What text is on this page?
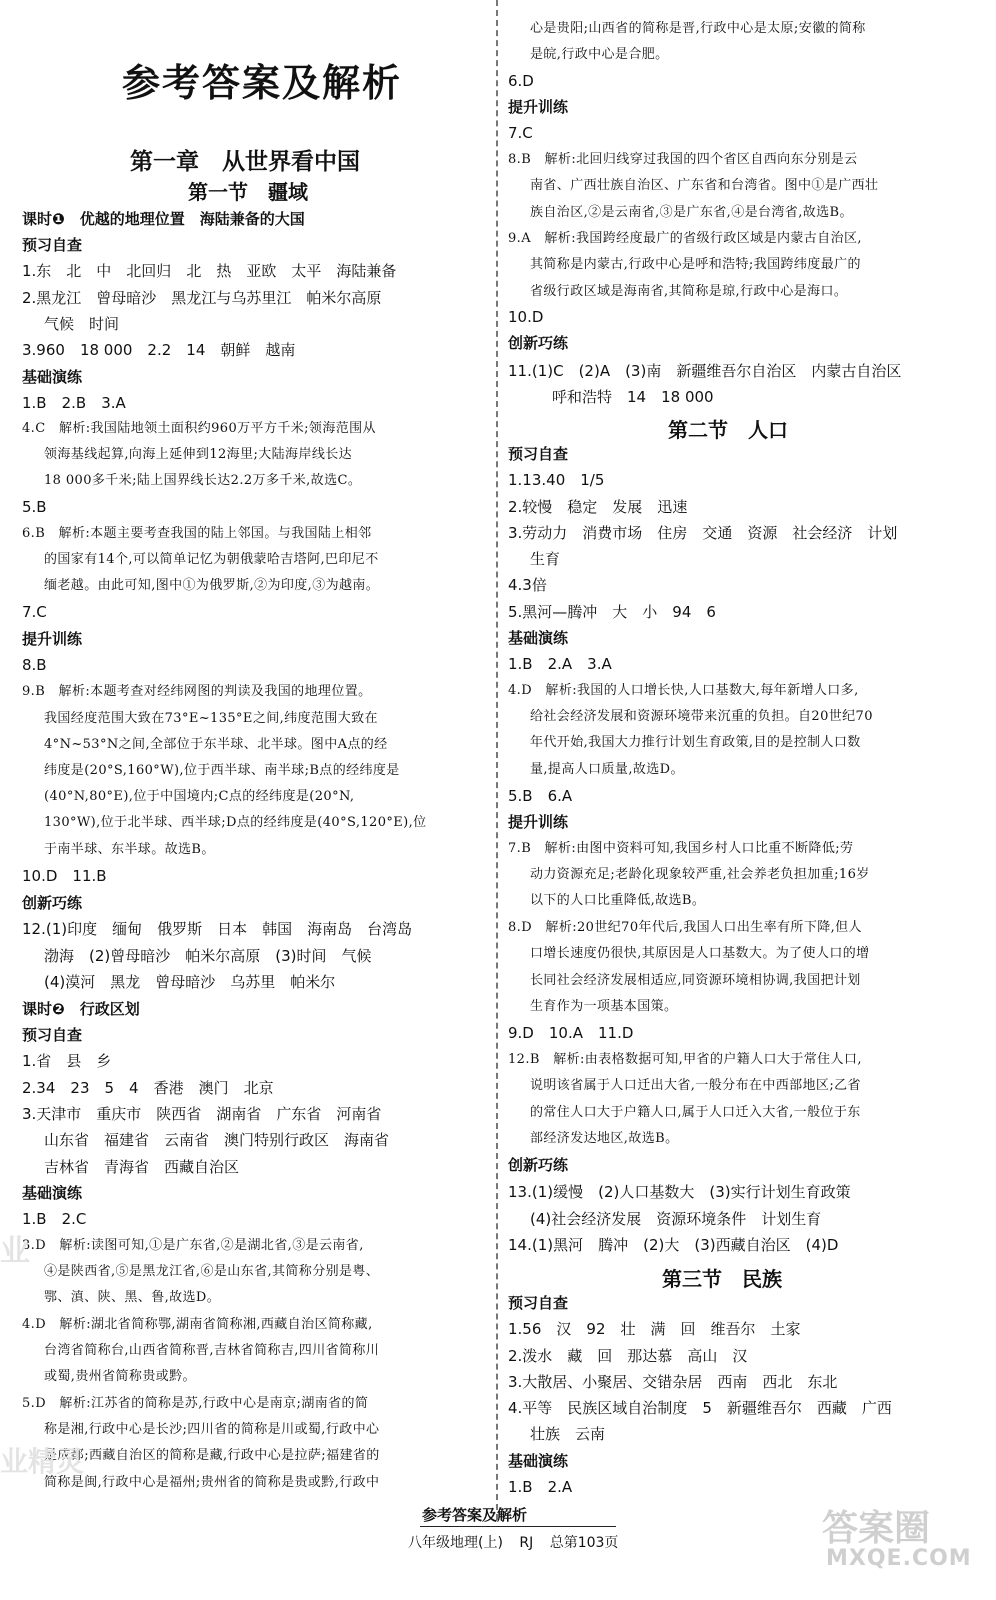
参考答案及解析
第一章　从世界看中国
第一节　疆域
课时❶　优越的地理位置　海陆兼备的大国
预习自查
1.东　北　中　北回归　北　热　亚欧　太平　海陆兼备
2.黑龙江　曾母暗沙　黑龙江与乌苏里江　帕米尔高原
气候　时间
3.960　18 000　2.2　14　朝鲜　越南
基础演练
1.B　2.B　3.A
4.C　解析:我国陆地领土面积约960万平方千米;领海范围从
领海基线起算,向海上延伸到12海里;大陆海岸线长达
18 000多千米;陆上国界线长达2.2万多千米,故选C。
5.B
6.B　解析:本题主要考查我国的陆上邻国。与我国陆上相邻
的国家有14个,可以简单记忆为朝俄蒙哈吉塔阿,巴印尼不
缅老越。由此可知,图中①为俄罗斯,②为印度,③为越南。
7.C
提升训练
8.B
9.B　解析:本题考查对经纬网图的判读及我国的地理位置。
我国经度范围大致在73°E~135°E之间,纬度范围大致在
4°N~53°N之间,全部位于东半球、北半球。图中A点的经
纬度是(20°S,160°W),位于西半球、南半球;B点的经纬度是
(40°N,80°E),位于中国境内;C点的经纬度是(20°N,
130°W),位于北半球、西半球;D点的经纬度是(40°S,120°E),位
于南半球、东半球。故选B。
10.D　11.B
创新巧练
12.(1)印度　缅甸　俄罗斯　日本　韩国　海南岛　台湾岛
渤海　(2)曾母暗沙　帕米尔高原　(3)时间　气候
(4)漠河　黑龙　曾母暗沙　乌苏里　帕米尔
课时❷　行政区划
预习自查
1.省　县　乡
2.34　23　5　4　香港　澳门　北京
3.天津市　重庆市　陕西省　湖南省　广东省　河南省
山东省　福建省　云南省　澳门特别行政区　海南省
吉林省　青海省　西藏自治区
基础演练
1.B　2.C
3.D　解析:读图可知,①是广东省,②是湖北省,③是云南省,
④是陕西省,⑤是黑龙江省,⑥是山东省,其简称分别是粤、
鄂、滇、陕、黑、鲁,故选D。
4.D　解析:湖北省简称鄂,湖南省简称湘,西藏自治区简称藏,
台湾省简称台,山西省简称晋,吉林省简称吉,四川省简称川
或蜀,贵州省简称贵或黔。
5.D　解析:江苏省的简称是苏,行政中心是南京;湖南省的简
称是湘,行政中心是长沙;四川省的简称是川或蜀,行政中心
是成都;西藏自治区的简称是藏,行政中心是拉萨;福建省的
简称是闽,行政中心是福州;贵州省的简称是贵或黔,行政中
心是贵阳;山西省的简称是晋,行政中心是太原;安徽的简称
是皖,行政中心是合肥。
6.D
提升训练
7.C
8.B　解析:北回归线穿过我国的四个省区自西向东分别是云
南省、广西壮族自治区、广东省和台湾省。图中①是广西壮
族自治区,②是云南省,③是广东省,④是台湾省,故选B。
9.A　解析:我国跨经度最广的省级行政区域是内蒙古自治区,
其简称是内蒙古,行政中心是呼和浩特;我国跨纬度最广的
省级行政区域是海南省,其简称是琼,行政中心是海口。
10.D
创新巧练
11.(1)C　(2)A　(3)南　新疆维吾尔自治区　内蒙古自治区
呼和浩特　14　18 000
第二节　人口
预习自查
1.13.40　1/5
2.较慢　稳定　发展　迅速
3.劳动力　消费市场　住房　交通　资源　社会经济　计划
生育
4.3倍
5.黑河—腾冲　大　小　94　6
基础演练
1.B　2.A　3.A
4.D　解析:我国的人口增长快,人口基数大,每年新增人口多,
给社会经济发展和资源环境带来沉重的负担。自20世纪70
年代开始,我国大力推行计划生育政策,目的是控制人口数
量,提高人口质量,故选D。
5.B　6.A
提升训练
7.B　解析:由图中资料可知,我国乡村人口比重不断降低;劳
动力资源充足;老龄化现象较严重,社会养老负担加重;16岁
以下的人口比重降低,故选B。
8.D　解析:20世纪70年代后,我国人口出生率有所下降,但人
口增长速度仍很快,其原因是人口基数大。为了使人口的增
长同社会经济发展相适应,同资源环境相协调,我国把计划
生育作为一项基本国策。
9.D　10.A　11.D
12.B　解析:由表格数据可知,甲省的户籍人口大于常住人口,
说明该省属于人口迁出大省,一般分布在中西部地区;乙省
的常住人口大于户籍人口,属于人口迁入大省,一般位于东
部经济发达地区,故选B。
创新巧练
13.(1)缓慢　(2)人口基数大　(3)实行计划生育政策
(4)社会经济发展　资源环境条件　计划生育
14.(1)黑河　腾冲　(2)大　(3)西藏自治区　(4)D
第三节　民族
预习自查
1.56　汉　92　壮　满　回　维吾尔　土家
2.泼水　藏　回　那达慕　高山　汉
3.大散居、小聚居、交错杂居　西南　西北　东北
4.平等　民族区域自治制度　5　新疆维吾尔　西藏　广西
壮族　云南
基础演练
1.B　2.A
参考答案及解析
八年级地理(上) RJ 总第103页	答案圈
MXQE.COM
业
业精灵
